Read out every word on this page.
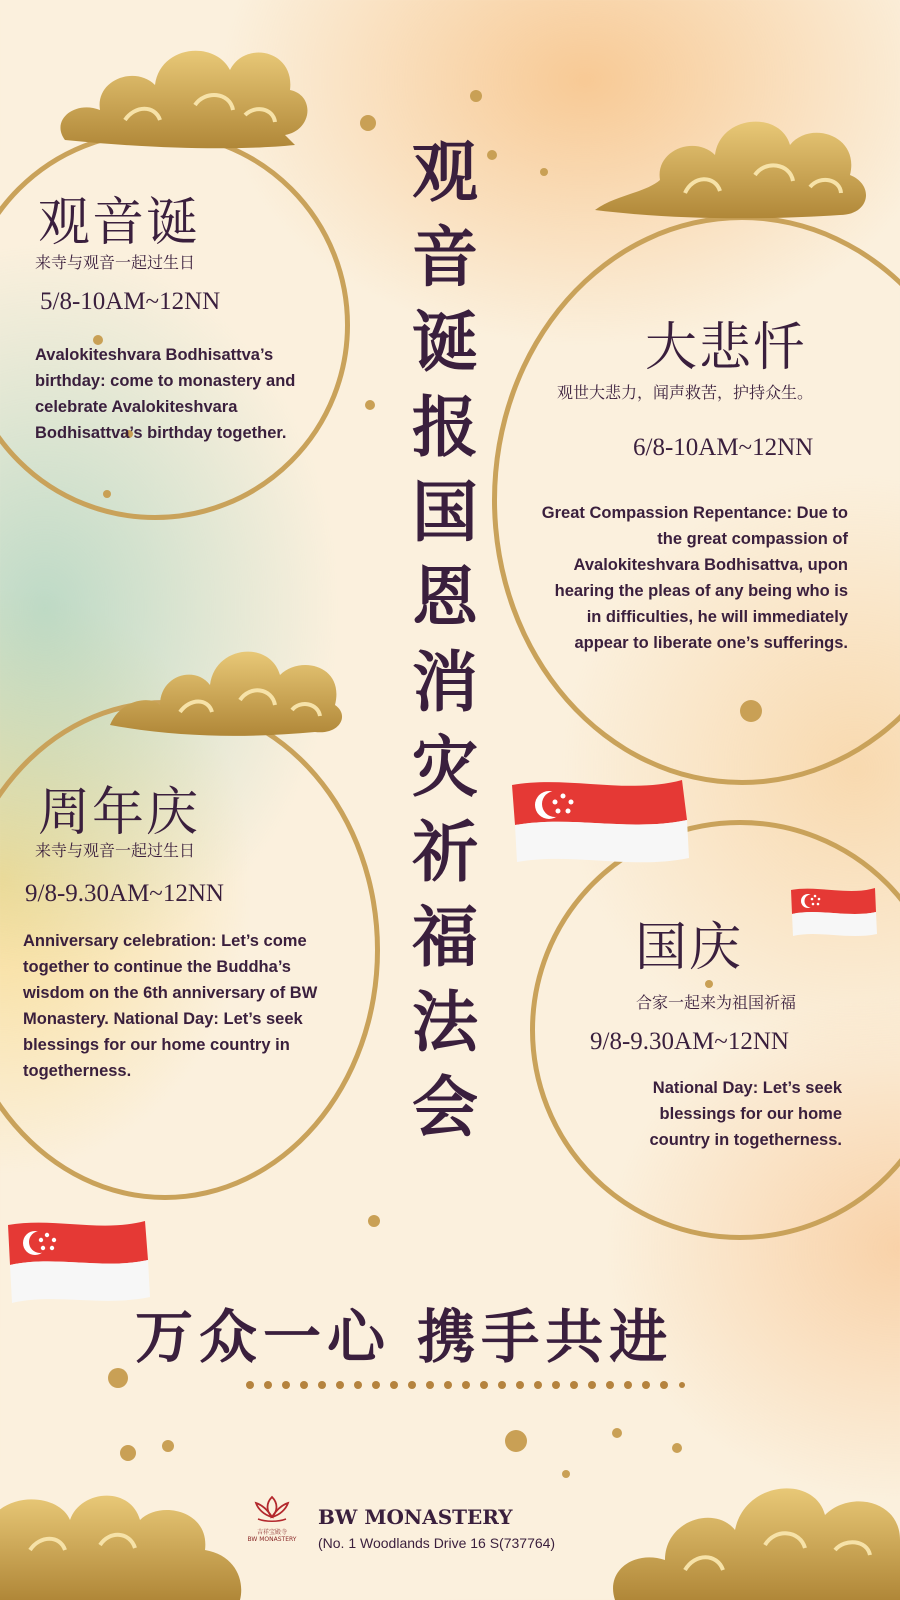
观
音
诞
报
国
恩
消
灾
祈
福
法
会
观音诞
来寺与观音一起过生日
5/8-10AM~12NN
Avalokiteshvara Bodhisattva’s birthday: come to monastery and celebrate Avalokiteshvara Bodhisattva’s birthday together.
大悲忏
观世大悲力，闻声救苦，护持众生。
6/8-10AM~12NN
Great Compassion Repentance: Due to the great compassion of Avalokiteshvara Bodhisattva, upon hearing the pleas of any being who is in difficulties, he will immediately appear to liberate one’s sufferings.
周年庆
来寺与观音一起过生日
9/8-9.30AM~12NN
Anniversary celebration: Let’s come together to continue the Buddha’s wisdom on the 6th anniversary of BW Monastery. National Day: Let’s seek blessings for our home country in togetherness.
国庆
合家一起来为祖国祈福
9/8-9.30AM~12NN
National Day: Let’s seek blessings for our home country in togetherness.
万众一心 携手共进
吉祥宝殿寺
BW MONASTERY
BW MONASTERY
(No. 1 Woodlands Drive 16 S(737764)
